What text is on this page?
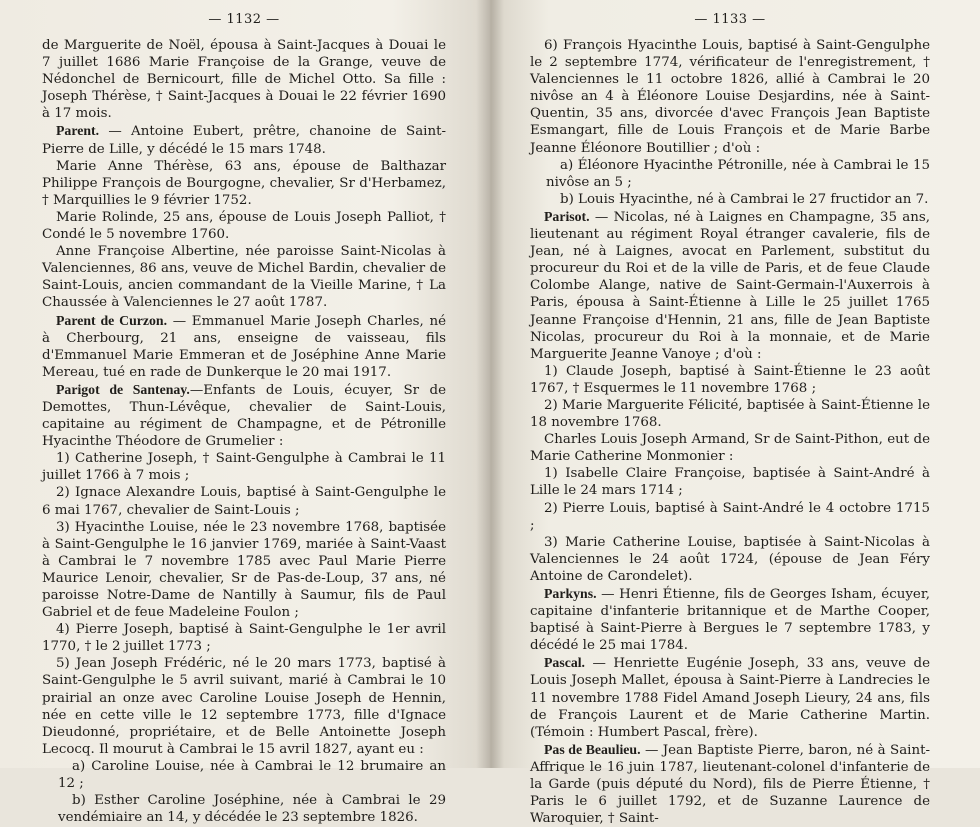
— 1132 —

de Marguerite de Noël, épousa à Saint-Jacques à Douai le 7 juillet 1686 Marie Françoise de la Grange, veuve de Nédonchel de Bernicourt, fille de Michel Otto. Sa fille : Joseph Thérèse, † Saint-Jacques à Douai le 22 février 1690 à 17 mois.

Parent. — Antoine Eubert, prêtre, chanoine de Saint-Pierre de Lille, y décédé le 15 mars 1748.

Marie Anne Thérèse, 63 ans, épouse de Balthazar Philippe François de Bourgogne, chevalier, Sr d'Herbamez, † Marquillies le 9 février 1752.

Marie Rolinde, 25 ans, épouse de Louis Joseph Palliot, † Condé le 5 novembre 1760.

Anne Françoise Albertine, née paroisse Saint-Nicolas à Valenciennes, 86 ans, veuve de Michel Bardin, chevalier de Saint-Louis, ancien commandant de la Vieille Marine, † La Chaussée à Valenciennes le 27 août 1787.

Parent de Curzon. — Emmanuel Marie Joseph Charles, né à Cherbourg, 21 ans, enseigne de vaisseau, fils d'Emmanuel Marie Emmeran et de Joséphine Anne Marie Mereau, tué en rade de Dunkerque le 20 mai 1917.

Parigot de Santenay.—Enfants de Louis, écuyer, Sr de Demottes, Thun-Lévêque, chevalier de Saint-Louis, capitaine au régiment de Champagne, et de Pétronille Hyacinthe Théodore de Grumelier :

1) Catherine Joseph, † Saint-Gengulphe à Cambrai le 11 juillet 1766 à 7 mois ;

2) Ignace Alexandre Louis, baptisé à Saint-Gengulphe le 6 mai 1767, chevalier de Saint-Louis ;

3) Hyacinthe Louise, née le 23 novembre 1768, baptisée à Saint-Gengulphe le 16 janvier 1769, mariée à Saint-Vaast à Cambrai le 7 novembre 1785 avec Paul Marie Pierre Maurice Lenoir, chevalier, Sr de Pas-de-Loup, 37 ans, né paroisse Notre-Dame de Nantilly à Saumur, fils de Paul Gabriel et de feue Madeleine Foulon ;

4) Pierre Joseph, baptisé à Saint-Gengulphe le 1er avril 1770, † le 2 juillet 1773 ;

5) Jean Joseph Frédéric, né le 20 mars 1773, baptisé à Saint-Gengulphe le 5 avril suivant, marié à Cambrai le 10 prairial an onze avec Caroline Louise Joseph de Hennin, née en cette ville le 12 septembre 1773, fille d'Ignace Dieudonné, propriétaire, et de Belle Antoinette Joseph Lecocq. Il mourut à Cambrai le 15 avril 1827, ayant eu :

a) Caroline Louise, née à Cambrai le 12 brumaire an 12 ;

b) Esther Caroline Joséphine, née à Cambrai le 29 vendémiaire an 14, y décédée le 23 septembre 1826.

— 1133 —

6) François Hyacinthe Louis, baptisé à Saint-Gengulphe le 2 septembre 1774, vérificateur de l'enregistrement, † Valenciennes le 11 octobre 1826, allié à Cambrai le 20 nivôse an 4 à Éléonore Louise Desjardins, née à Saint-Quentin, 35 ans, divorcée d'avec François Jean Baptiste Esmangart, fille de Louis François et de Marie Barbe Jeanne Éléonore Boutillier ; d'où :

a) Éléonore Hyacinthe Pétronille, née à Cambrai le 15 nivôse an 5 ;

b) Louis Hyacinthe, né à Cambrai le 27 fructidor an 7.

Parisot. — Nicolas, né à Laignes en Champagne, 35 ans, lieutenant au régiment Royal étranger cavalerie, fils de Jean, né à Laignes, avocat en Parlement, substitut du procureur du Roi et de la ville de Paris, et de feue Claude Colombe Alange, native de Saint-Germain-l'Auxerrois à Paris, épousa à Saint-Étienne à Lille le 25 juillet 1765 Jeanne Françoise d'Hennin, 21 ans, fille de Jean Baptiste Nicolas, procureur du Roi à la monnaie, et de Marie Marguerite Jeanne Vanoye ; d'où :

1) Claude Joseph, baptisé à Saint-Étienne le 23 août 1767, † Esquermes le 11 novembre 1768 ;

2) Marie Marguerite Félicité, baptisée à Saint-Étienne le 18 novembre 1768.

Charles Louis Joseph Armand, Sr de Saint-Pithon, eut de Marie Catherine Monmonier :

1) Isabelle Claire Françoise, baptisée à Saint-André à Lille le 24 mars 1714 ;

2) Pierre Louis, baptisé à Saint-André le 4 octobre 1715 ;

3) Marie Catherine Louise, baptisée à Saint-Nicolas à Valenciennes le 24 août 1724, (épouse de Jean Féry Antoine de Carondelet).

Parkyns. — Henri Étienne, fils de Georges Isham, écuyer, capitaine d'infanterie britannique et de Marthe Cooper, baptisé à Saint-Pierre à Bergues le 7 septembre 1783, y décédé le 25 mai 1784.

Pascal. — Henriette Eugénie Joseph, 33 ans, veuve de Louis Joseph Mallet, épousa à Saint-Pierre à Landrecies le 11 novembre 1788 Fidel Amand Joseph Lieury, 24 ans, fils de François Laurent et de Marie Catherine Martin. (Témoin : Humbert Pascal, frère).

Pas de Beaulieu. — Jean Baptiste Pierre, baron, né à Saint-Affrique le 16 juin 1787, lieutenant-colonel d'infanterie de la Garde (puis député du Nord), fils de Pierre Étienne, † Paris le 6 juillet 1792, et de Suzanne Laurence de Waroquier, † Saint-
